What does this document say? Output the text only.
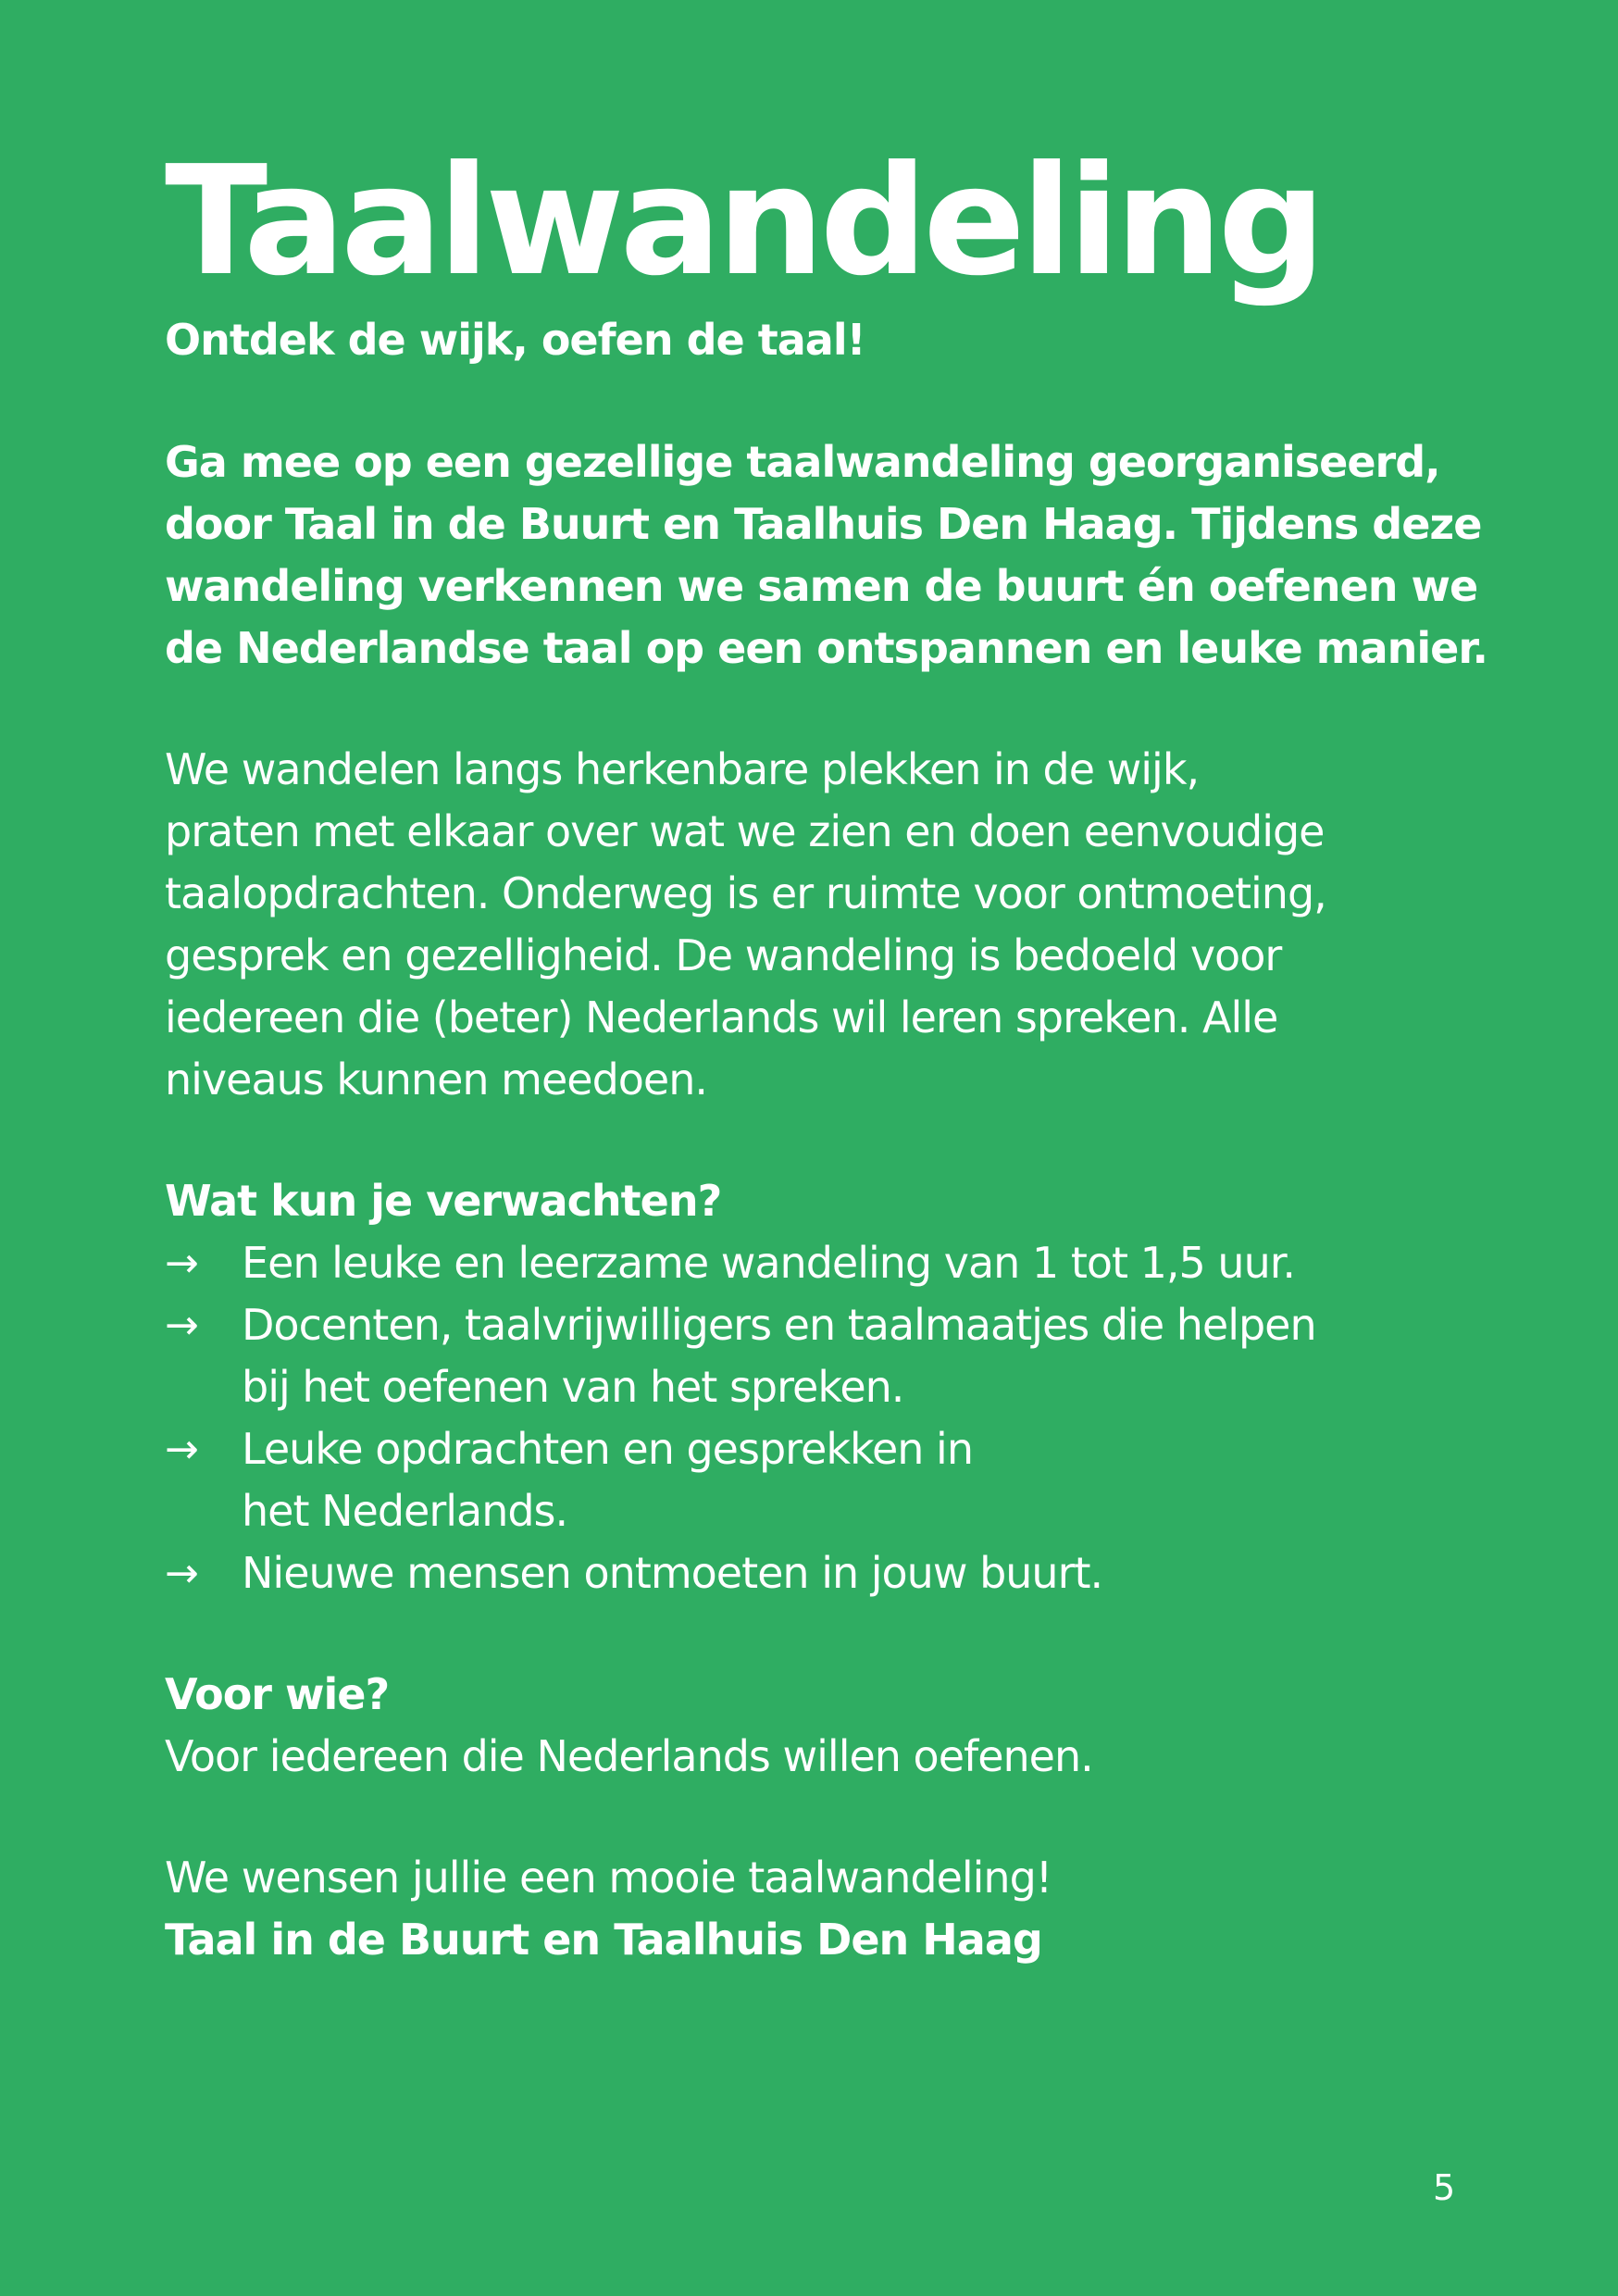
Taalwandeling
Ontdek de wijk, oefen de taal!
Ga mee op een gezellige taalwandeling georganiseerd,
door Taal in de Buurt en Taalhuis Den Haag. Tijdens deze
wandeling verkennen we samen de buurt én oefenen we
de Nederlandse taal op een ontspannen en leuke manier.
We wandelen langs herkenbare plekken in de wijk,
praten met elkaar over wat we zien en doen eenvoudige
taalopdrachten. Onderweg is er ruimte voor ontmoeting,
gesprek en gezelligheid. De wandeling is bedoeld voor
iedereen die (beter) Nederlands wil leren spreken. Alle
niveaus kunnen meedoen.
Wat kun je verwachten?
→	Een leuke en leerzame wandeling van 1 tot 1,5 uur.
→	Docenten, taalvrijwilligers en taalmaatjes die helpen
bij het oefenen van het spreken.
→	Leuke opdrachten en gesprekken in
het Nederlands.
→	Nieuwe mensen ontmoeten in jouw buurt.
Voor wie?
Voor iedereen die Nederlands willen oefenen.
We wensen jullie een mooie taalwandeling!
Taal in de Buurt en Taalhuis Den Haag
5
